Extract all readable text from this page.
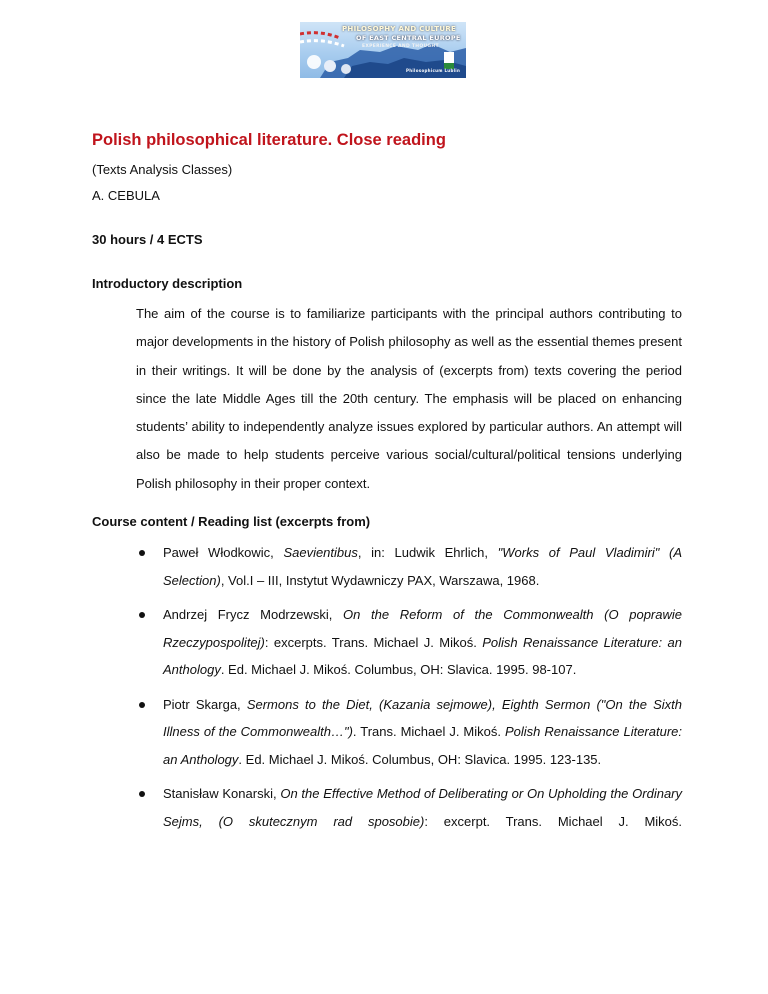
PHILOSOPHY AND CULTURE
OF EAST CENTRAL EUROPE
EXPERIENCE AND THOUGHT
Philosophicum Lublin
Polish philosophical literature. Close reading

(Texts Analysis Classes)

A. CEBULA

30 hours / 4 ECTS

Introductory description

The aim of the course is to familiarize participants with the principal authors contributing to major developments in the history of Polish philosophy as well as the essential themes present in their writings. It will be done by the analysis of (excerpts from) texts covering the period since the late Middle Ages till the 20th century. The emphasis will be placed on enhancing students’ ability to independently analyze issues explored by particular authors. An attempt will also be made to help students perceive various social/cultural/political tensions underlying Polish philosophy in their proper context.

Course content / Reading list (excerpts from)

Paweł Włodkowic, Saevientibus, in: Ludwik Ehrlich, "Works of Paul Vladimiri" (A Selection), Vol.I – III, Instytut Wydawniczy PAX, Warszawa, 1968.
Andrzej Frycz Modrzewski, On the Reform of the Commonwealth (O poprawie Rzeczypospolitej): excerpts. Trans. Michael J. Mikoś. Polish Renaissance Literature: an Anthology. Ed. Michael J. Mikoś. Columbus, OH: Slavica. 1995. 98-107.
Piotr Skarga, Sermons to the Diet, (Kazania sejmowe), Eighth Sermon ("On the Sixth Illness of the Commonwealth…"). Trans. Michael J. Mikoś. Polish Renaissance Literature: an Anthology. Ed. Michael J. Mikoś. Columbus, OH: Slavica. 1995. 123-135.
Stanisław Konarski, On the Effective Method of Deliberating or On Upholding the Ordinary Sejms, (O skutecznym rad sposobie): excerpt. Trans. Michael J. Mikoś.
